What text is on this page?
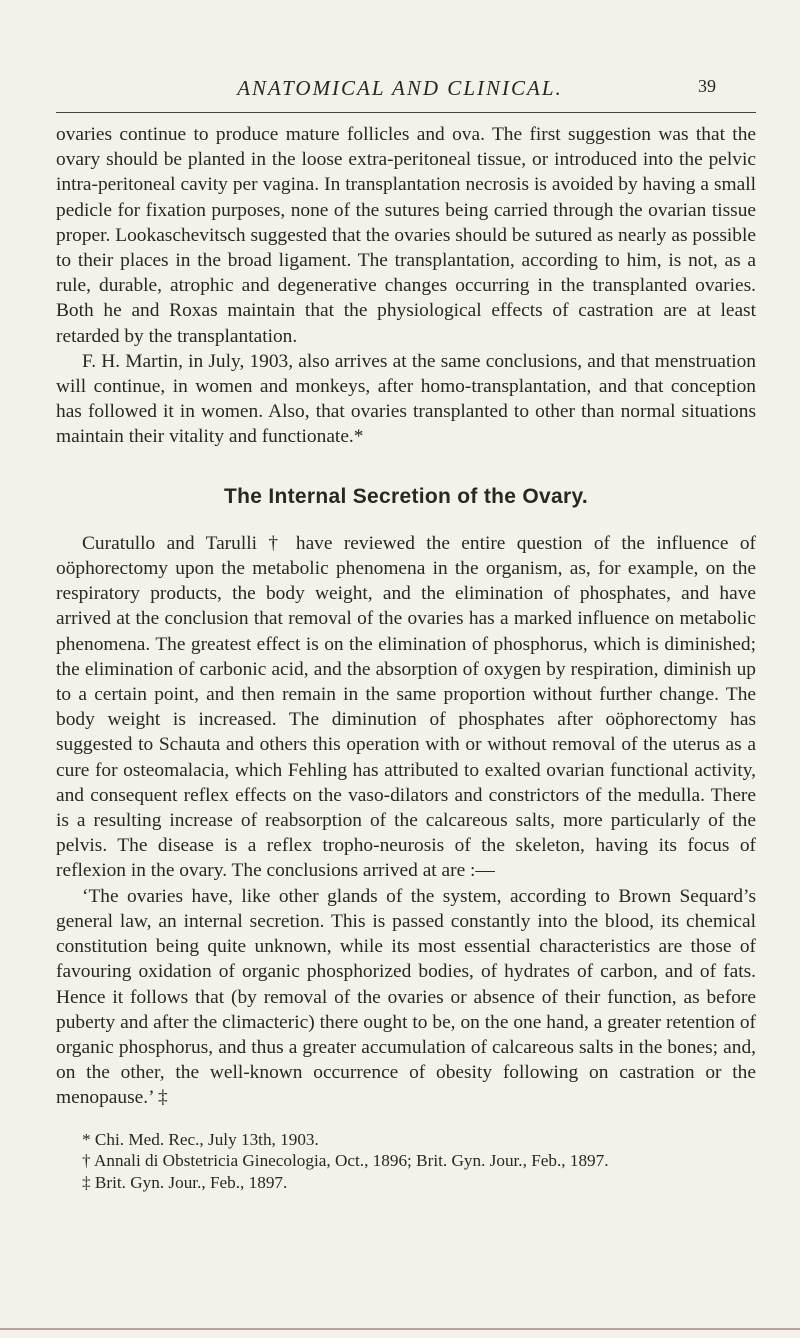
ANATOMICAL AND CLINICAL.	39

ovaries continue to produce mature follicles and ova. The first suggestion was that the ovary should be planted in the loose extra-peritoneal tissue, or introduced into the pelvic intra-peritoneal cavity per vagina. In transplantation necrosis is avoided by having a small pedicle for fixation purposes, none of the sutures being carried through the ovarian tissue proper. Lookaschevitsch suggested that the ovaries should be sutured as nearly as possible to their places in the broad ligament. The transplantation, according to him, is not, as a rule, durable, atrophic and degenerative changes occurring in the transplanted ovaries. Both he and Roxas maintain that the physiological effects of castration are at least retarded by the transplantation.

F. H. Martin, in July, 1903, also arrives at the same conclusions, and that menstruation will continue, in women and monkeys, after homo-transplantation, and that conception has followed it in women. Also, that ovaries transplanted to other than normal situations maintain their vitality and functionate.*

The Internal Secretion of the Ovary.

Curatullo and Tarulli † have reviewed the entire question of the influence of oöphorectomy upon the metabolic phenomena in the organism, as, for example, on the respiratory products, the body weight, and the elimination of phosphates, and have arrived at the conclusion that removal of the ovaries has a marked influence on metabolic phenomena. The greatest effect is on the elimination of phosphorus, which is diminished; the elimination of carbonic acid, and the absorption of oxygen by respiration, diminish up to a certain point, and then remain in the same proportion without further change. The body weight is increased. The diminution of phosphates after oöphorectomy has suggested to Schauta and others this operation with or without removal of the uterus as a cure for osteomalacia, which Fehling has attributed to exalted ovarian functional activity, and consequent reflex effects on the vaso-dilators and constrictors of the medulla. There is a resulting increase of reabsorption of the calcareous salts, more particularly of the pelvis. The disease is a reflex tropho-neurosis of the skeleton, having its focus of reflexion in the ovary. The conclusions arrived at are :—

‘The ovaries have, like other glands of the system, according to Brown Sequard’s general law, an internal secretion. This is passed constantly into the blood, its chemical constitution being quite unknown, while its most essential characteristics are those of favouring oxidation of organic phosphorized bodies, of hydrates of carbon, and of fats. Hence it follows that (by removal of the ovaries or absence of their function, as before puberty and after the climacteric) there ought to be, on the one hand, a greater retention of organic phosphorus, and thus a greater accumulation of calcareous salts in the bones; and, on the other, the well-known occurrence of obesity following on castration or the menopause.’ ‡

* Chi. Med. Rec., July 13th, 1903.

† Annali di Obstetricia Ginecologia, Oct., 1896; Brit. Gyn. Jour., Feb., 1897.

‡ Brit. Gyn. Jour., Feb., 1897.
